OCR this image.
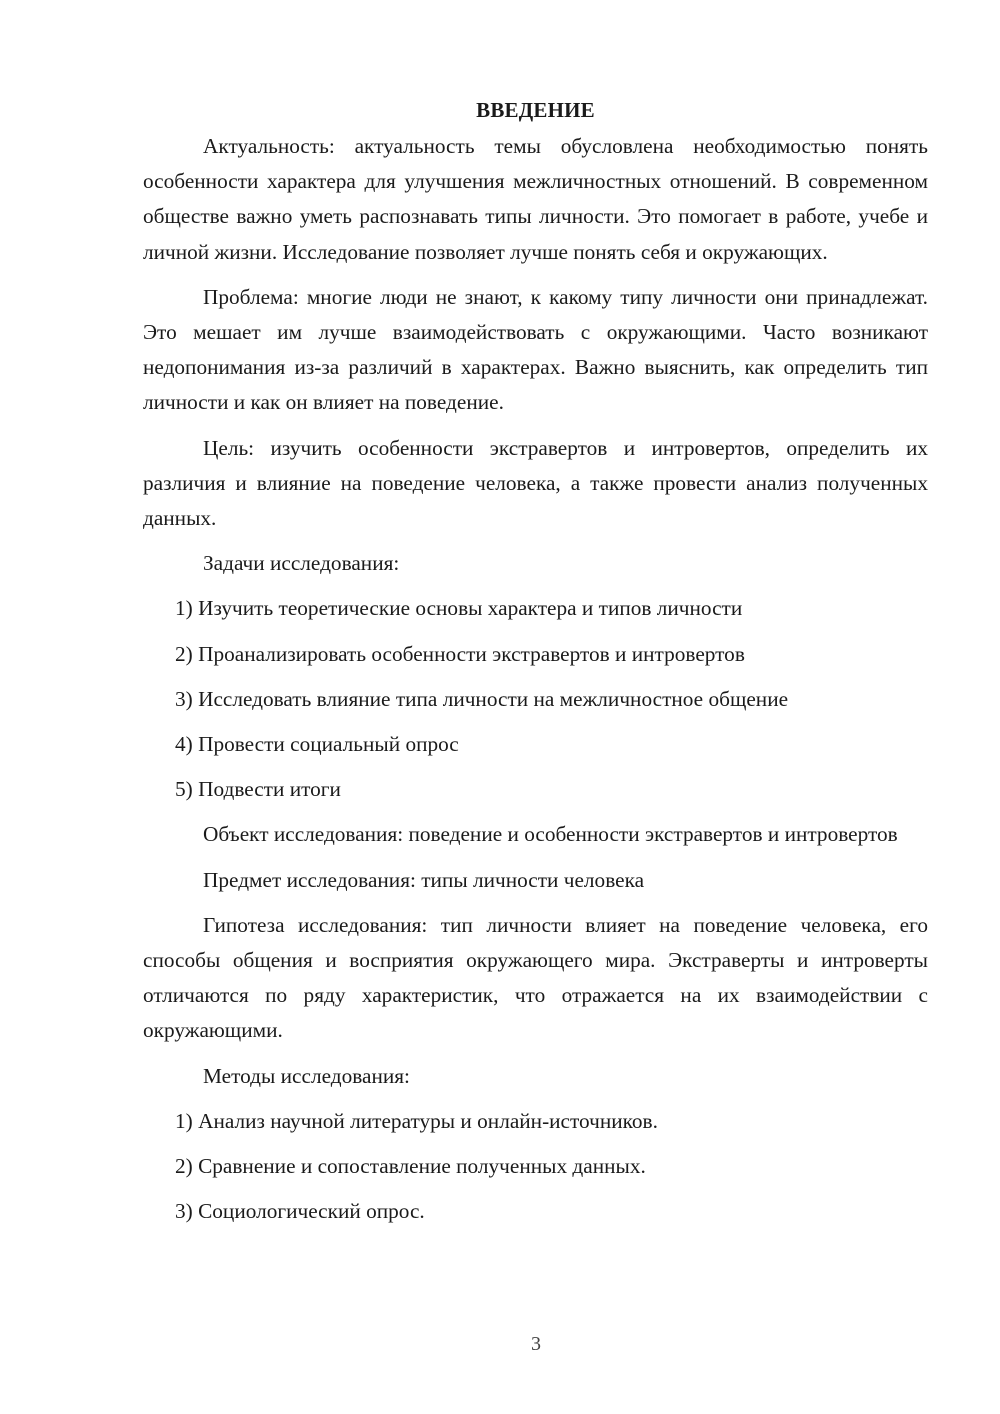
ВВЕДЕНИЕ

Актуальность: актуальность темы обусловлена необходимостью понять особенности характера для улучшения межличностных отношений. В современном обществе важно уметь распознавать типы личности. Это помогает в работе, учебе и личной жизни. Исследование позволяет лучше понять себя и окружающих.

Проблема: многие люди не знают, к какому типу личности они принадлежат. Это мешает им лучше взаимодействовать с окружающими. Часто возникают недопонимания из-за различий в характерах. Важно выяснить, как определить тип личности и как он влияет на поведение.

Цель: изучить особенности экстравертов и интровертов, определить их различия и влияние на поведение человека, а также провести анализ полученных данных.

Задачи исследования:

1) Изучить теоретические основы характера и типов личности

2) Проанализировать особенности экстравертов и интровертов

3) Исследовать влияние типа личности на межличностное общение

4) Провести социальный опрос

5) Подвести итоги

Объект исследования: поведение и особенности экстравертов и интровертов

Предмет исследования: типы личности человека

Гипотеза исследования: тип личности влияет на поведение человека, его способы общения и восприятия окружающего мира. Экстраверты и интроверты отличаются по ряду характеристик, что отражается на их взаимодействии с окружающими.

Методы исследования:

1) Анализ научной литературы и онлайн-источников.

2) Сравнение и сопоставление полученных данных.

3) Социологический опрос.

3
